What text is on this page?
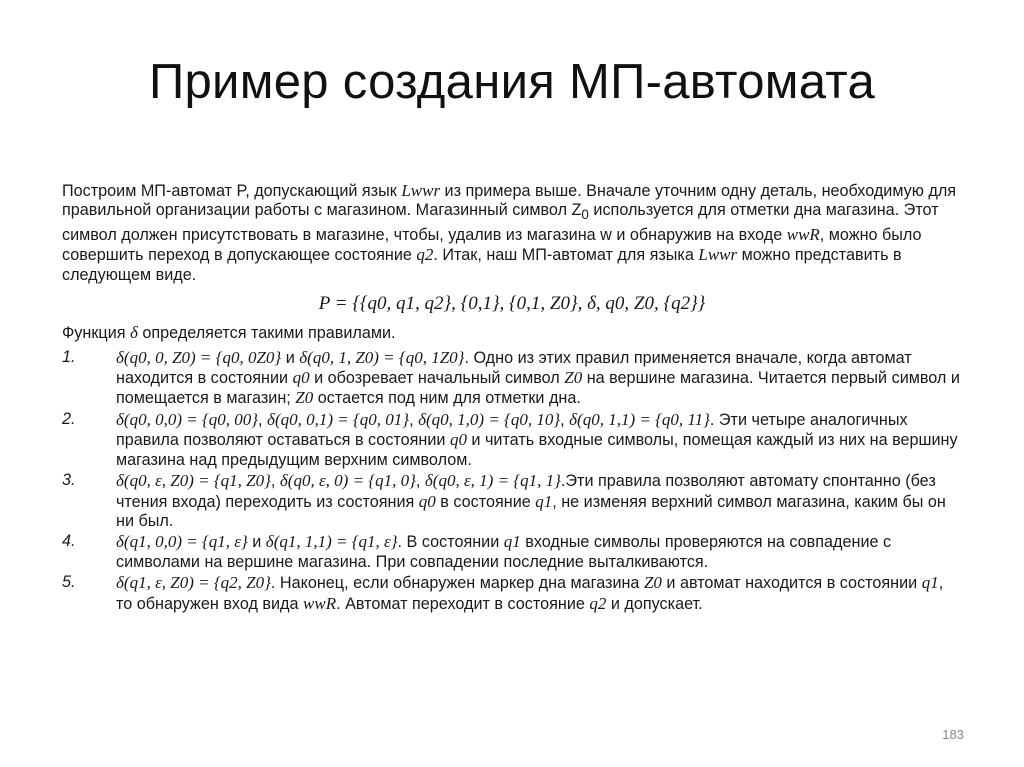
Пример создания МП-автомата

Построим МП-автомат P, допускающий язык Lwwr из примера выше. Вначале уточним одну деталь, необходимую для правильной организации работы с магазином. Магазинный символ $Z_0$ используется для отметки дна магазина. Этот символ должен присутствовать в магазине, чтобы, удалив из магазина w и обнаружив на входе wwR, можно было совершить переход в допускающее состояние q2. Итак, наш МП-автомат для языка Lwwr можно представить в следующем виде.

P = {{q0, q1, q2}, {0,1}, {0,1, Z0}, δ, q0, Z0, {q2}}

Функция δ определяется такими правилами.

1. δ(q0, 0, Z0) = {q0, 0Z0} и δ(q0, 1, Z0) = {q0, 1Z0}. Одно из этих правил применяется вначале, когда автомат находится в состоянии q0 и обозревает начальный символ Z0 на вершине магазина. Читается первый символ и помещается в магазин; Z0 остается под ним для отметки дна.
2. δ(q0, 0,0) = {q0, 00}, δ(q0, 0,1) = {q0, 01}, δ(q0, 1,0) = {q0, 10}, δ(q0, 1,1) = {q0, 11}. Эти четыре аналогичных правила позволяют оставаться в состоянии q0 и читать входные символы, помещая каждый из них на вершину магазина над предыдущим верхним символом.
3. δ(q0, ε, Z0) = {q1, Z0}, δ(q0, ε, 0) = {q1, 0}, δ(q0, ε, 1) = {q1, 1}.Эти правила позволяют автомату спонтанно (без чтения входа) переходить из состояния q0 в состояние q1, не изменяя верхний символ магазина, каким бы он ни был.
4. δ(q1, 0,0) = {q1, ε} и δ(q1, 1,1) = {q1, ε}. В состоянии q1 входные символы проверяются на совпадение с символами на вершине магазина. При совпадении последние выталкиваются.
5. δ(q1, ε, Z0) = {q2, Z0}. Наконец, если обнаружен маркер дна магазина Z0 и автомат находится в состоянии q1, то обнаружен вход вида wwR. Автомат переходит в состояние q2 и допускает.
183
